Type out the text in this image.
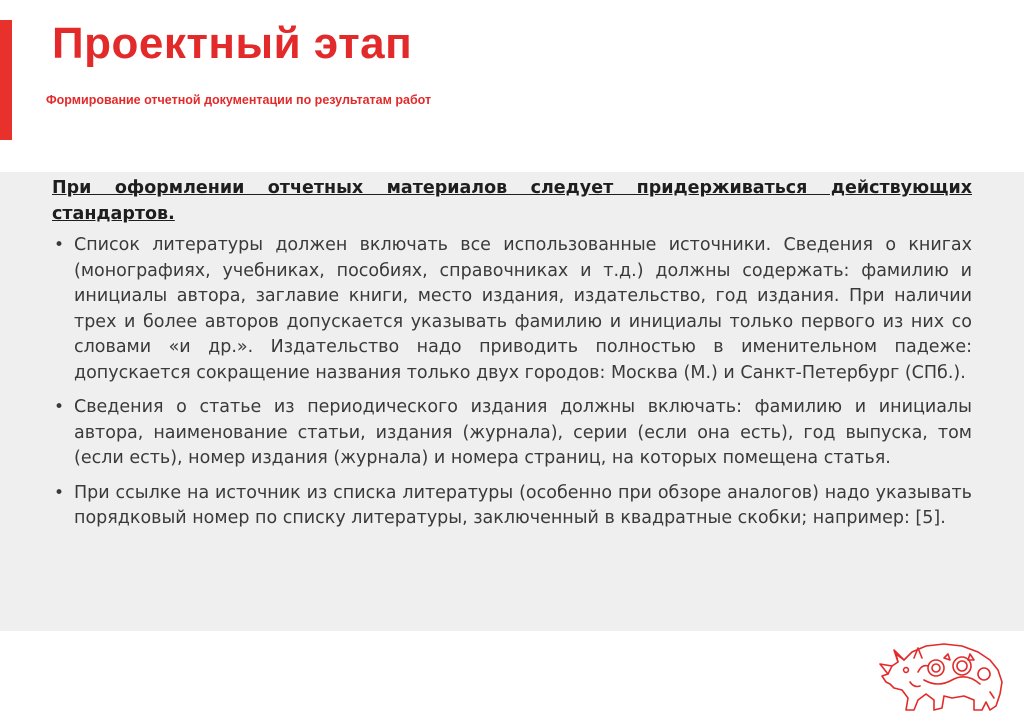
Проектный этап
Формирование отчетной документации по результатам работ

При оформлении отчетных материалов следует придерживаться действующих стандартов.

• Список литературы должен включать все использованные источники. Сведения о книгах (монографиях, учебниках, пособиях, справочниках и т.д.) должны содержать: фамилию и инициалы автора, заглавие книги, место издания, издательство, год издания. При наличии трех и более авторов допускается указывать фамилию и инициалы только первого из них со словами «и др.». Издательство надо приводить полностью в именительном падеже: допускается сокращение названия только двух городов: Москва (М.) и Санкт-Петербург (СПб.).
• Сведения о статье из периодического издания должны включать: фамилию и инициалы автора, наименование статьи, издания (журнала), серии (если она есть), год выпуска, том (если есть), номер издания (журнала) и номера страниц, на которых помещена статья.
• При ссылке на источник из списка литературы (особенно при обзоре аналогов) надо указывать порядковый номер по списку литературы, заключенный в квадратные скобки; например: [5].
